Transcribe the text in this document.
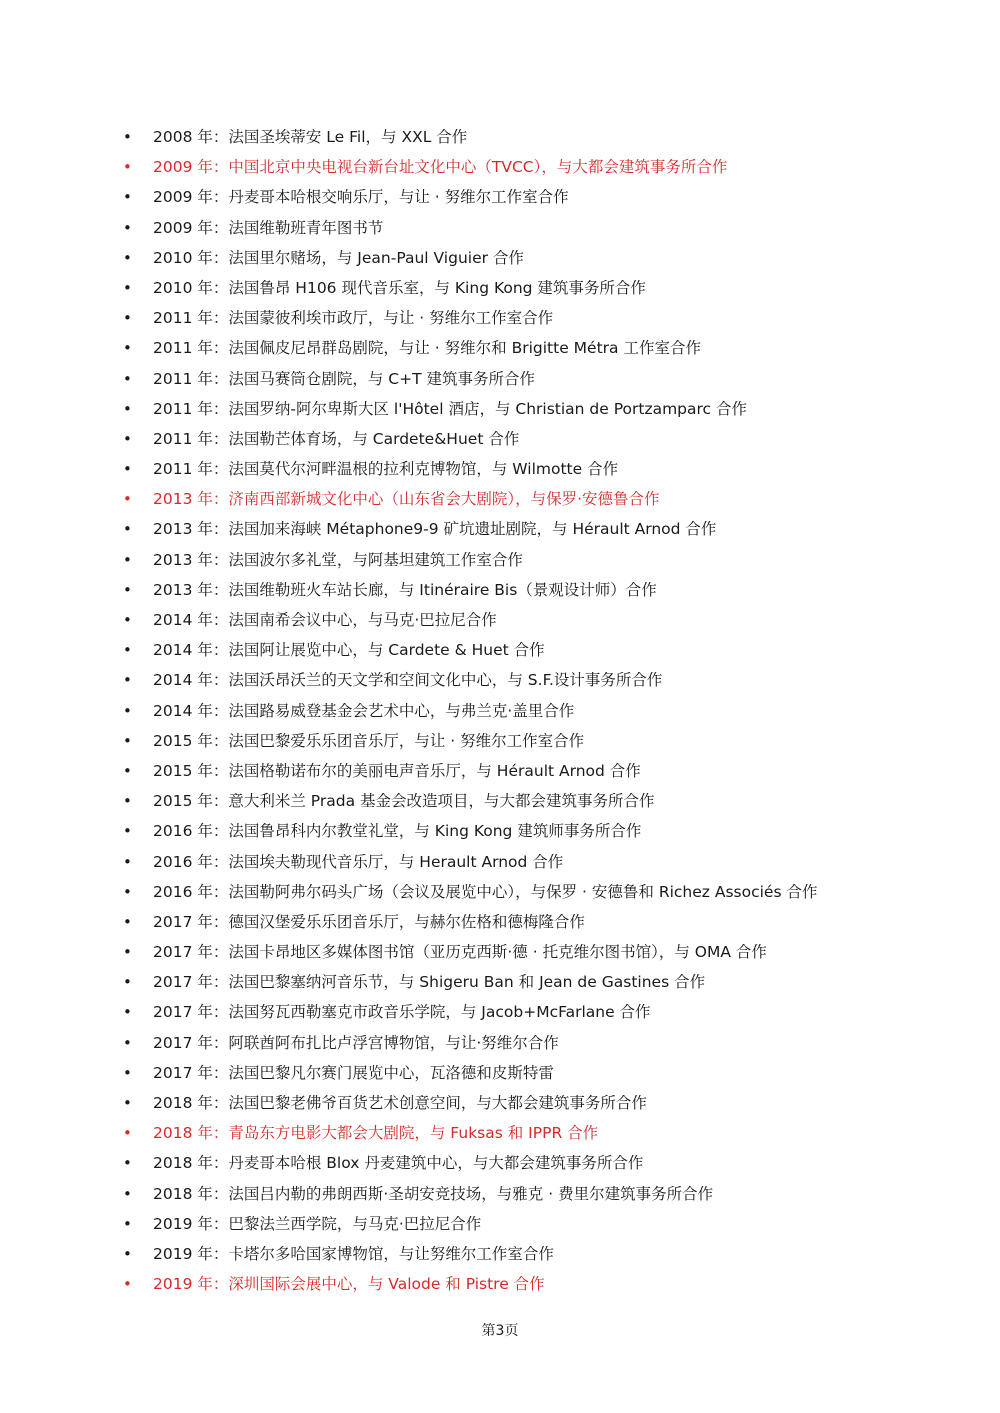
• 2008 年：法国圣埃蒂安 Le Fil，与 XXL 合作
• 2009 年：中国北京中央电视台新台址文化中心（TVCC），与大都会建筑事务所合作
• 2009 年：丹麦哥本哈根交响乐厅，与让 · 努维尔工作室合作
• 2009 年：法国维勒班青年图书节
• 2010 年：法国里尔赌场，与 Jean-Paul Viguier 合作
• 2010 年：法国鲁昂 H106 现代音乐室，与 King Kong 建筑事务所合作
• 2011 年：法国蒙彼利埃市政厅，与让 · 努维尔工作室合作
• 2011 年：法国佩皮尼昂群岛剧院，与让 · 努维尔和 Brigitte Métra 工作室合作
• 2011 年：法国马赛筒仓剧院，与 C+T 建筑事务所合作
• 2011 年：法国罗纳-阿尔卑斯大区 l'Hôtel 酒店，与 Christian de Portzamparc 合作
• 2011 年：法国勒芒体育场，与 Cardete&Huet 合作
• 2011 年：法国莫代尔河畔温根的拉利克博物馆，与 Wilmotte 合作
• 2013 年：济南西部新城文化中心（山东省会大剧院），与保罗·安德鲁合作
• 2013 年：法国加来海峡 Métaphone9-9 矿坑遗址剧院，与 Hérault Arnod 合作
• 2013 年：法国波尔多礼堂，与阿基坦建筑工作室合作
• 2013 年：法国维勒班火车站长廊，与 Itinéraire Bis（景观设计师）合作
• 2014 年：法国南希会议中心，与马克·巴拉尼合作
• 2014 年：法国阿让展览中心，与 Cardete & Huet 合作
• 2014 年：法国沃昂沃兰的天文学和空间文化中心，与 S.F.设计事务所合作
• 2014 年：法国路易威登基金会艺术中心，与弗兰克·盖里合作
• 2015 年：法国巴黎爱乐乐团音乐厅，与让 · 努维尔工作室合作
• 2015 年：法国格勒诺布尔的美丽电声音乐厅，与 Hérault Arnod 合作
• 2015 年：意大利米兰 Prada 基金会改造项目，与大都会建筑事务所合作
• 2016 年：法国鲁昂科内尔教堂礼堂，与 King Kong 建筑师事务所合作
• 2016 年：法国埃夫勒现代音乐厅，与 Herault Arnod 合作
• 2016 年：法国勒阿弗尔码头广场（会议及展览中心），与保罗 · 安德鲁和 Richez Associés 合作
• 2017 年：德国汉堡爱乐乐团音乐厅，与赫尔佐格和德梅隆合作
• 2017 年：法国卡昂地区多媒体图书馆（亚历克西斯·德 · 托克维尔图书馆），与 OMA 合作
• 2017 年：法国巴黎塞纳河音乐节，与 Shigeru Ban 和 Jean de Gastines 合作
• 2017 年：法国努瓦西勒塞克市政音乐学院，与 Jacob+McFarlane 合作
• 2017 年：阿联酋阿布扎比卢浮宫博物馆，与让·努维尔合作
• 2017 年：法国巴黎凡尔赛门展览中心，瓦洛德和皮斯特雷
• 2018 年：法国巴黎老佛爷百货艺术创意空间，与大都会建筑事务所合作
• 2018 年：青岛东方电影大都会大剧院，与 Fuksas 和 IPPR 合作
• 2018 年：丹麦哥本哈根 Blox 丹麦建筑中心，与大都会建筑事务所合作
• 2018 年：法国吕内勒的弗朗西斯·圣胡安竞技场，与雅克 · 费里尔建筑事务所合作
• 2019 年：巴黎法兰西学院，与马克·巴拉尼合作
• 2019 年：卡塔尔多哈国家博物馆，与让努维尔工作室合作
• 2019 年：深圳国际会展中心，与 Valode 和 Pistre 合作
第3页
